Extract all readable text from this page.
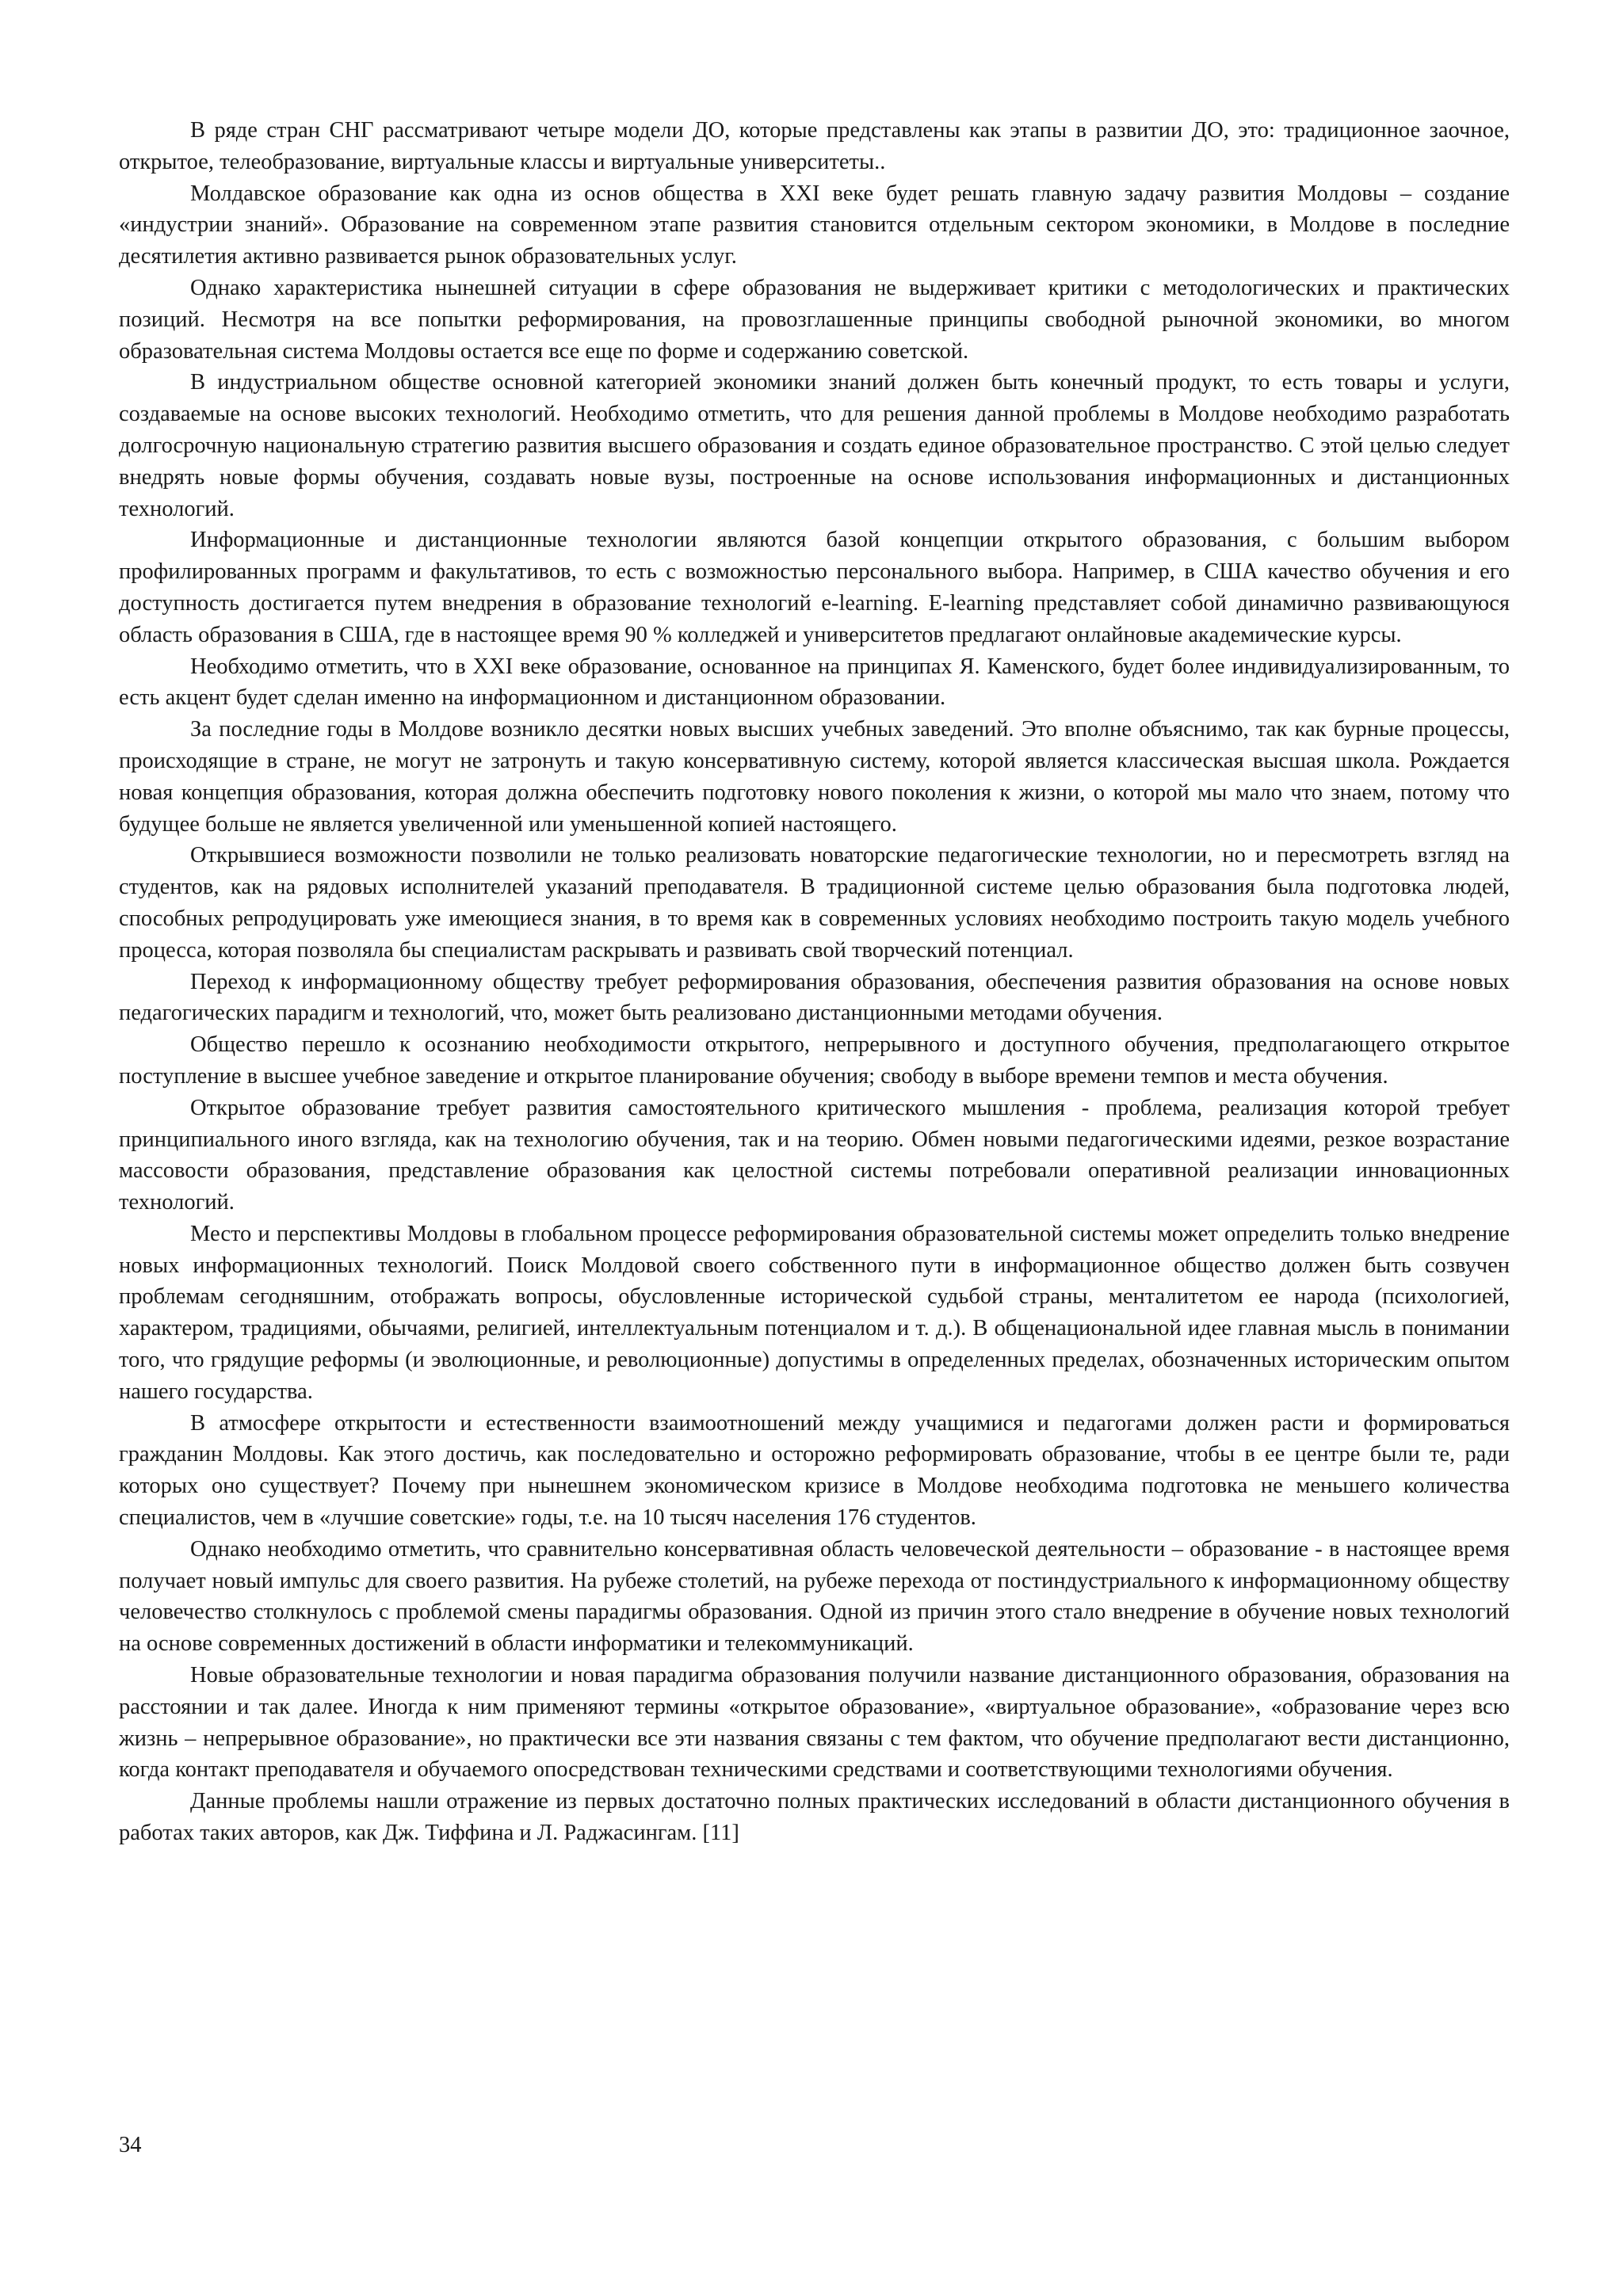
В ряде стран СНГ рассматривают четыре модели ДО, которые представлены как этапы в развитии ДО, это: традиционное заочное, открытое, телеобразование, виртуальные классы и виртуальные университеты..

Молдавское образование как одна из основ общества в XXI веке будет решать главную задачу развития Молдовы – создание «индустрии знаний». Образование на современном этапе развития становится отдельным сектором экономики, в Молдове в последние десятилетия активно развивается рынок образовательных услуг.

Однако характеристика нынешней ситуации в сфере образования не выдерживает критики с методологических и практических позиций. Несмотря на все попытки реформирования, на провозглашенные принципы свободной рыночной экономики, во многом образовательная система Молдовы остается все еще по форме и содержанию советской.

В индустриальном обществе основной категорией экономики знаний должен быть конечный продукт, то есть товары и услуги, создаваемые на основе высоких технологий. Необходимо отметить, что для решения данной проблемы в Молдове необходимо разработать долгосрочную национальную стратегию развития высшего образования и создать единое образовательное пространство. С этой целью следует внедрять новые формы обучения, создавать новые вузы, построенные на основе использования информационных и дистанционных технологий.

Информационные и дистанционные технологии являются базой концепции открытого образования, с большим выбором профилированных программ и факультативов, то есть с возможностью персонального выбора. Например, в США качество обучения и его доступность достигается путем внедрения в образование технологий e-learning. E-learning представляет собой динамично развивающуюся область образования в США, где в настоящее время 90 % колледжей и университетов предлагают онлайновые академические курсы.

Необходимо отметить, что в XXI веке образование, основанное на принципах Я. Каменского, будет более индивидуализированным, то есть акцент будет сделан именно на информационном и дистанционном образовании.

За последние годы в Молдове возникло десятки новых высших учебных заведений. Это вполне объяснимо, так как бурные процессы, происходящие в стране, не могут не затронуть и такую консервативную систему, которой является классическая высшая школа. Рождается новая концепция образования, которая должна обеспечить подготовку нового поколения к жизни, о которой мы мало что знаем, потому что будущее больше не является увеличенной или уменьшенной копией настоящего.

Открывшиеся возможности позволили не только реализовать новаторские педагогические технологии, но и пересмотреть взгляд на студентов, как на рядовых исполнителей указаний преподавателя. В традиционной системе целью образования была подготовка людей, способных репродуцировать уже имеющиеся знания, в то время как в современных условиях необходимо построить такую модель учебного процесса, которая позволяла бы специалистам раскрывать и развивать свой творческий потенциал.

Переход к информационному обществу требует реформирования образования, обеспечения развития образования на основе новых педагогических парадигм и технологий, что, может быть реализовано дистанционными методами обучения.

Общество перешло к осознанию необходимости открытого, непрерывного и доступного обучения, предполагающего открытое поступление в высшее учебное заведение и открытое планирование обучения; свободу в выборе времени темпов и места обучения.

Открытое образование требует развития самостоятельного критического мышления - проблема, реализация которой требует принципиального иного взгляда, как на технологию обучения, так и на теорию. Обмен новыми педагогическими идеями, резкое возрастание массовости образования, представление образования как целостной системы потребовали оперативной реализации инновационных технологий.

Место и перспективы Молдовы в глобальном процессе реформирования образовательной системы может определить только внедрение новых информационных технологий. Поиск Молдовой своего собственного пути в информационное общество должен быть созвучен проблемам сегодняшним, отображать вопросы, обусловленные исторической судьбой страны, менталитетом ее народа (психологией, характером, традициями, обычаями, религией, интеллектуальным потенциалом и т. д.). В общенациональной идее главная мысль в понимании того, что грядущие реформы (и эволюционные, и революционные) допустимы в определенных пределах, обозначенных историческим опытом нашего государства.

В атмосфере открытости и естественности взаимоотношений между учащимися и педагогами должен расти и формироваться гражданин Молдовы. Как этого достичь, как последовательно и осторожно реформировать образование, чтобы в ее центре были те, ради которых оно существует? Почему при нынешнем экономическом кризисе в Молдове необходима подготовка не меньшего количества специалистов, чем в «лучшие советские» годы, т.е. на 10 тысяч населения 176 студентов.

Однако необходимо отметить, что сравнительно консервативная область человеческой деятельности – образование - в настоящее время получает новый импульс для своего развития. На рубеже столетий, на рубеже перехода от постиндустриального к информационному обществу человечество столкнулось с проблемой смены парадигмы образования. Одной из причин этого стало внедрение в обучение новых технологий на основе современных достижений в области информатики и телекоммуникаций.

Новые образовательные технологии и новая парадигма образования получили название дистанционного образования, образования на расстоянии и так далее. Иногда к ним применяют термины «открытое образование», «виртуальное образование», «образование через всю жизнь – непрерывное образование», но практически все эти названия связаны с тем фактом, что обучение предполагают вести дистанционно, когда контакт преподавателя и обучаемого опосредствован техническими средствами и соответствующими технологиями обучения.

Данные проблемы нашли отражение из первых достаточно полных практических исследований в области дистанционного обучения в работах таких авторов, как Дж. Тиффина и Л. Раджасингам. [11]

34
